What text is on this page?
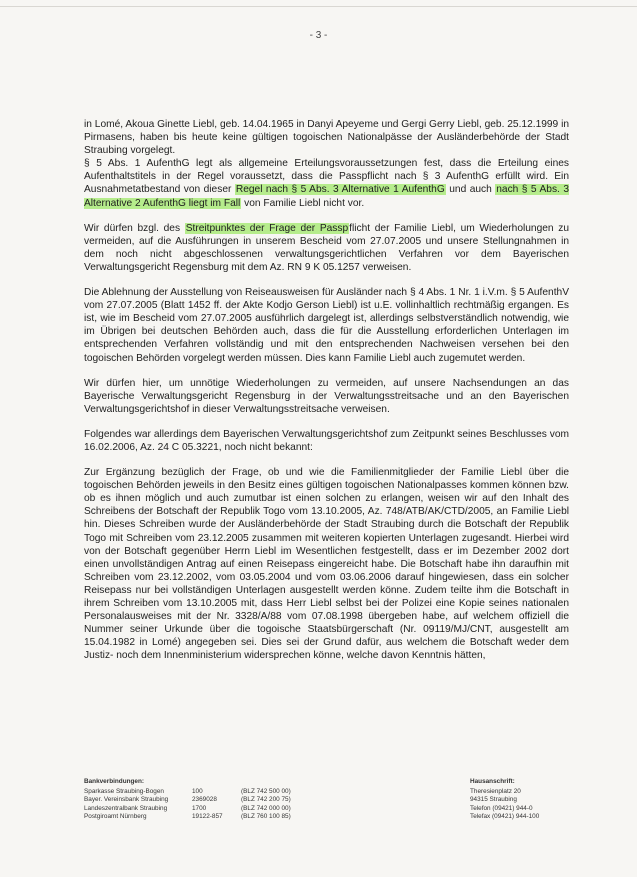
- 3 -

in Lomé, Akoua Ginette Liebl, geb. 14.04.1965 in Danyi Apeyeme und Gergi Gerry Liebl, geb. 25.12.1999 in Pirmasens, haben bis heute keine gültigen togoischen Nationalpässe der Ausländerbehörde der Stadt Straubing vorgelegt.

§ 5 Abs. 1 AufenthG legt als allgemeine Erteilungsvoraussetzungen fest, dass die Erteilung eines Aufenthaltstitels in der Regel voraussetzt, dass die Passpflicht nach § 3 AufenthG erfüllt wird. Ein Ausnahmetatbestand von dieser Regel nach § 5 Abs. 3 Alternative 1 AufenthG und auch nach § 5 Abs. 3 Alternative 2 AufenthG liegt im Fall von Familie Liebl nicht vor.

Wir dürfen bzgl. des Streitpunktes der Frage der Passpflicht der Familie Liebl, um Wiederholungen zu vermeiden, auf die Ausführungen in unserem Bescheid vom 27.07.2005 und unsere Stellungnahmen in dem noch nicht abgeschlossenen verwaltungsgerichtlichen Verfahren vor dem Bayerischen Verwaltungsgericht Regensburg mit dem Az. RN 9 K 05.1257 verweisen.

Die Ablehnung der Ausstellung von Reiseausweisen für Ausländer nach § 4 Abs. 1 Nr. 1 i.V.m. § 5 AufenthV vom 27.07.2005 (Blatt 1452 ff. der Akte Kodjo Gerson Liebl) ist u.E. vollinhaltlich rechtmäßig ergangen. Es ist, wie im Bescheid vom 27.07.2005 ausführlich dargelegt ist, allerdings selbstverständlich notwendig, wie im Übrigen bei deutschen Behörden auch, dass die für die Ausstellung erforderlichen Unterlagen im entsprechenden Verfahren vollständig und mit den entsprechenden Nachweisen versehen bei den togoischen Behörden vorgelegt werden müssen. Dies kann Familie Liebl auch zugemutet werden.

Wir dürfen hier, um unnötige Wiederholungen zu vermeiden, auf unsere Nachsendungen an das Bayerische Verwaltungsgericht Regensburg in der Verwaltungsstreitsache und an den Bayerischen Verwaltungsgerichtshof in dieser Verwaltungsstreitsache verweisen.

Folgendes war allerdings dem Bayerischen Verwaltungsgerichtshof zum Zeitpunkt seines Beschlusses vom 16.02.2006, Az. 24 C 05.3221, noch nicht bekannt:

Zur Ergänzung bezüglich der Frage, ob und wie die Familienmitglieder der Familie Liebl über die togoischen Behörden jeweils in den Besitz eines gültigen togoischen Nationalpasses kommen können bzw. ob es ihnen möglich und auch zumutbar ist einen solchen zu erlangen, weisen wir auf den Inhalt des Schreibens der Botschaft der Republik Togo vom 13.10.2005, Az. 748/ATB/AK/CTD/2005, an Familie Liebl hin. Dieses Schreiben wurde der Ausländerbehörde der Stadt Straubing durch die Botschaft der Republik Togo mit Schreiben vom 23.12.2005 zusammen mit weiteren kopierten Unterlagen zugesandt. Hierbei wird von der Botschaft gegenüber Herrn Liebl im Wesentlichen festgestellt, dass er im Dezember 2002 dort einen unvollständigen Antrag auf einen Reisepass eingereicht habe. Die Botschaft habe ihn daraufhin mit Schreiben vom 23.12.2002, vom 03.05.2004 und vom 03.06.2006 darauf hingewiesen, dass ein solcher Reisepass nur bei vollständigen Unterlagen ausgestellt werden könne. Zudem teilte ihm die Botschaft in ihrem Schreiben vom 13.10.2005 mit, dass Herr Liebl selbst bei der Polizei eine Kopie seines nationalen Personalausweises mit der Nr. 3328/A/88 vom 07.08.1998 übergeben habe, auf welchem offiziell die Nummer seiner Urkunde über die togoische Staatsbürgerschaft (Nr. 09119/MJ/CNT, ausgestellt am 15.04.1982 in Lomé) angegeben sei. Dies sei der Grund dafür, aus welchem die Botschaft weder dem Justiz- noch dem Innenministerium widersprechen könne, welche davon Kenntnis hätten,

Bankverbindungen:
Sparkasse Straubing-Bogen
Bayer. Vereinsbank Straubing
Landeszentralbank Straubing
Postgiroamt Nürnberg

100
2369028
1700
19122-857

(BLZ 742 500 00)
(BLZ 742 200 75)
(BLZ 742 000 00)
(BLZ 760 100 85)
Hausanschrift:
Theresienplatz 20
94315 Straubing
Telefon (09421) 944-0
Telefax (09421) 944-100
